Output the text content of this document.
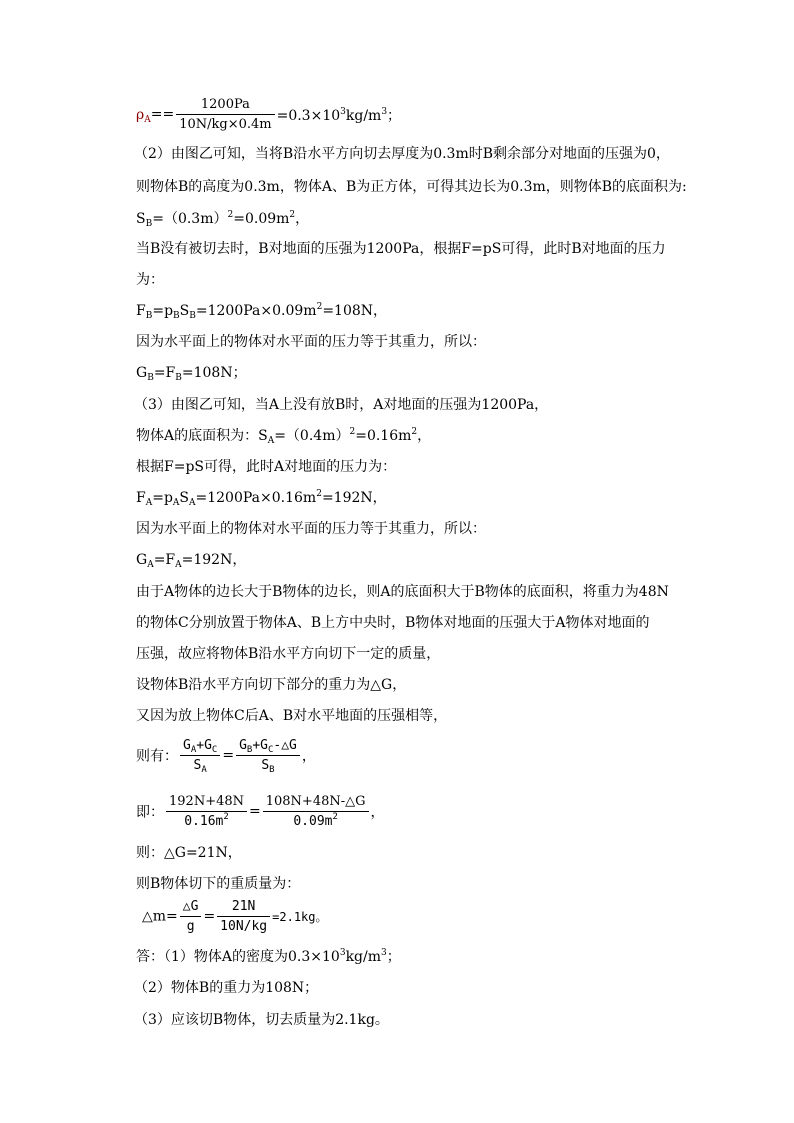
$\rho_A== \frac{1200Pa}{10N/kg\times 0.4m} =0.3\times 10^3kg/m^3$；
（2）由图乙可知，当将B沿水平方向切去厚度为0.3m时B剩余部分对地面的压强为0，
则物体B的高度为0.3m，物体A、B为正方体，可得其边长为0.3m，则物体B的底面积为:
$S_B=(0.3m)^2=0.09m^2$，
当B没有被切去时，B对地面的压强为1200Pa，根据F=pS可得，此时B对地面的压力
为：
$F_B=p_BS_B=1200Pa\times 0.09m^2=108N$，
因为水平面上的物体对水平面的压力等于其重力，所以：
$G_B=F_B=108N$；
（3）由图乙可知，当A上没有放B时，A对地面的压强为1200Pa，
物体A的底面积为：$S_A=(0.4m)^2=0.16m^2$，
根据F=pS可得，此时A对地面的压力为：
$F_A=p_AS_A=1200Pa\times 0.16m^2=192N$，
因为水平面上的物体对水平面的压力等于其重力，所以：
$G_A=F_A=192N$，
由于A物体的边长大于B物体的边长，则A的底面积大于B物体的底面积，将重力为48N
的物体C分别放置于物体A、B上方中央时，B物体对地面的压强大于A物体对地面的
压强，故应将物体B沿水平方向切下一定的质量，
设物体B沿水平方向切下部分的重力为△G，
又因为放上物体C后A、B对水平地面的压强相等，
则有： $\frac{G_A+G_C}{S_A} = \frac{G_B+G_C-\triangle G}{S_B}$ ，
即： $\frac{192N+48N}{0.16m^2} = \frac{108N+48N-\triangle G}{0.09m^2}$ ，
则：△G=21N，
则B物体切下的重质量为：
△m= $\frac{\triangle G}{g} = \frac{21N}{10N/kg} =2.1kg$。
答：（1）物体A的密度为$0.3\times 10^3kg/m^3$；
（2）物体B的重力为108N；
（3）应该切B物体，切去质量为2.1kg。
